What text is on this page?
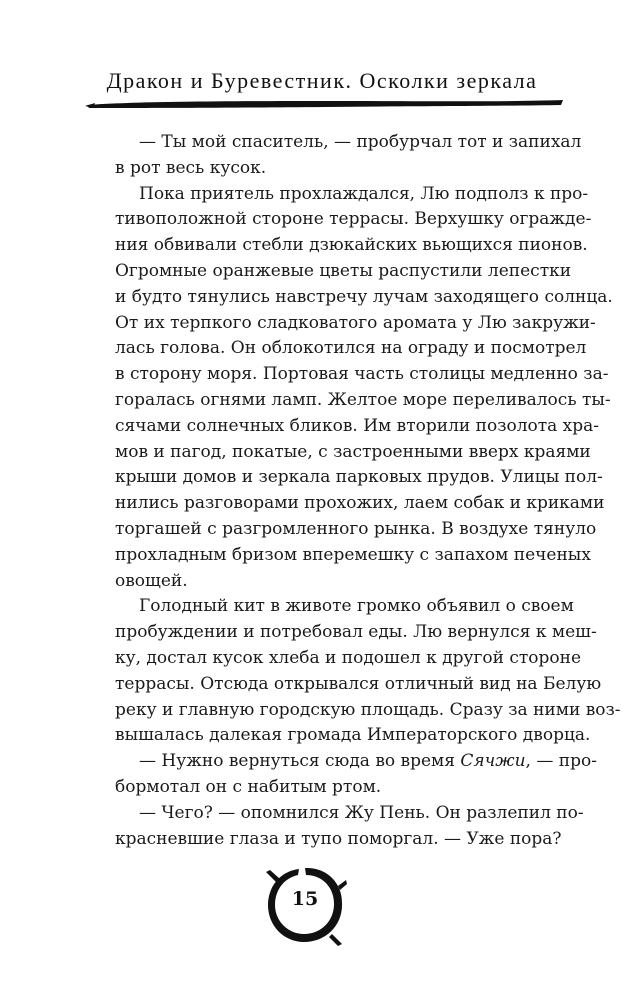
Дракон и Буревестник. Осколки зеркала
— Ты мой спаситель, — пробурчал тот и запихал
в рот весь кусок.
Пока приятель прохлаждался, Лю подполз к про-
тивоположной стороне террасы. Верхушку огражде-
ния обвивали стебли дзюкайских вьющихся пионов.
Огромные оранжевые цветы распустили лепестки
и будто тянулись навстречу лучам заходящего солнца.
От их терпкого сладковатого аромата у Лю закружи-
лась голова. Он облокотился на ограду и посмотрел
в сторону моря. Портовая часть столицы медленно за-
горалась огнями ламп. Желтое море переливалось ты-
сячами солнечных бликов. Им вторили позолота хра-
мов и пагод, покатые, с застроенными вверх краями
крыши домов и зеркала парковых прудов. Улицы пол-
нились разговорами прохожих, лаем собак и криками
торгашей с разгромленного рынка. В воздухе тянуло
прохладным бризом вперемешку с запахом печеных
овощей.
Голодный кит в животе громко объявил о своем
пробуждении и потребовал еды. Лю вернулся к меш-
ку, достал кусок хлеба и подошел к другой стороне
террасы. Отсюда открывался отличный вид на Белую
реку и главную городскую площадь. Сразу за ними воз-
вышалась далекая громада Императорского дворца.
— Нужно вернуться сюда во время Сячжи, — про-
бормотал он с набитым ртом.
— Чего? — опомнился Жу Пень. Он разлепил по-
красневшие глаза и тупо поморгал. — Уже пора?
15
